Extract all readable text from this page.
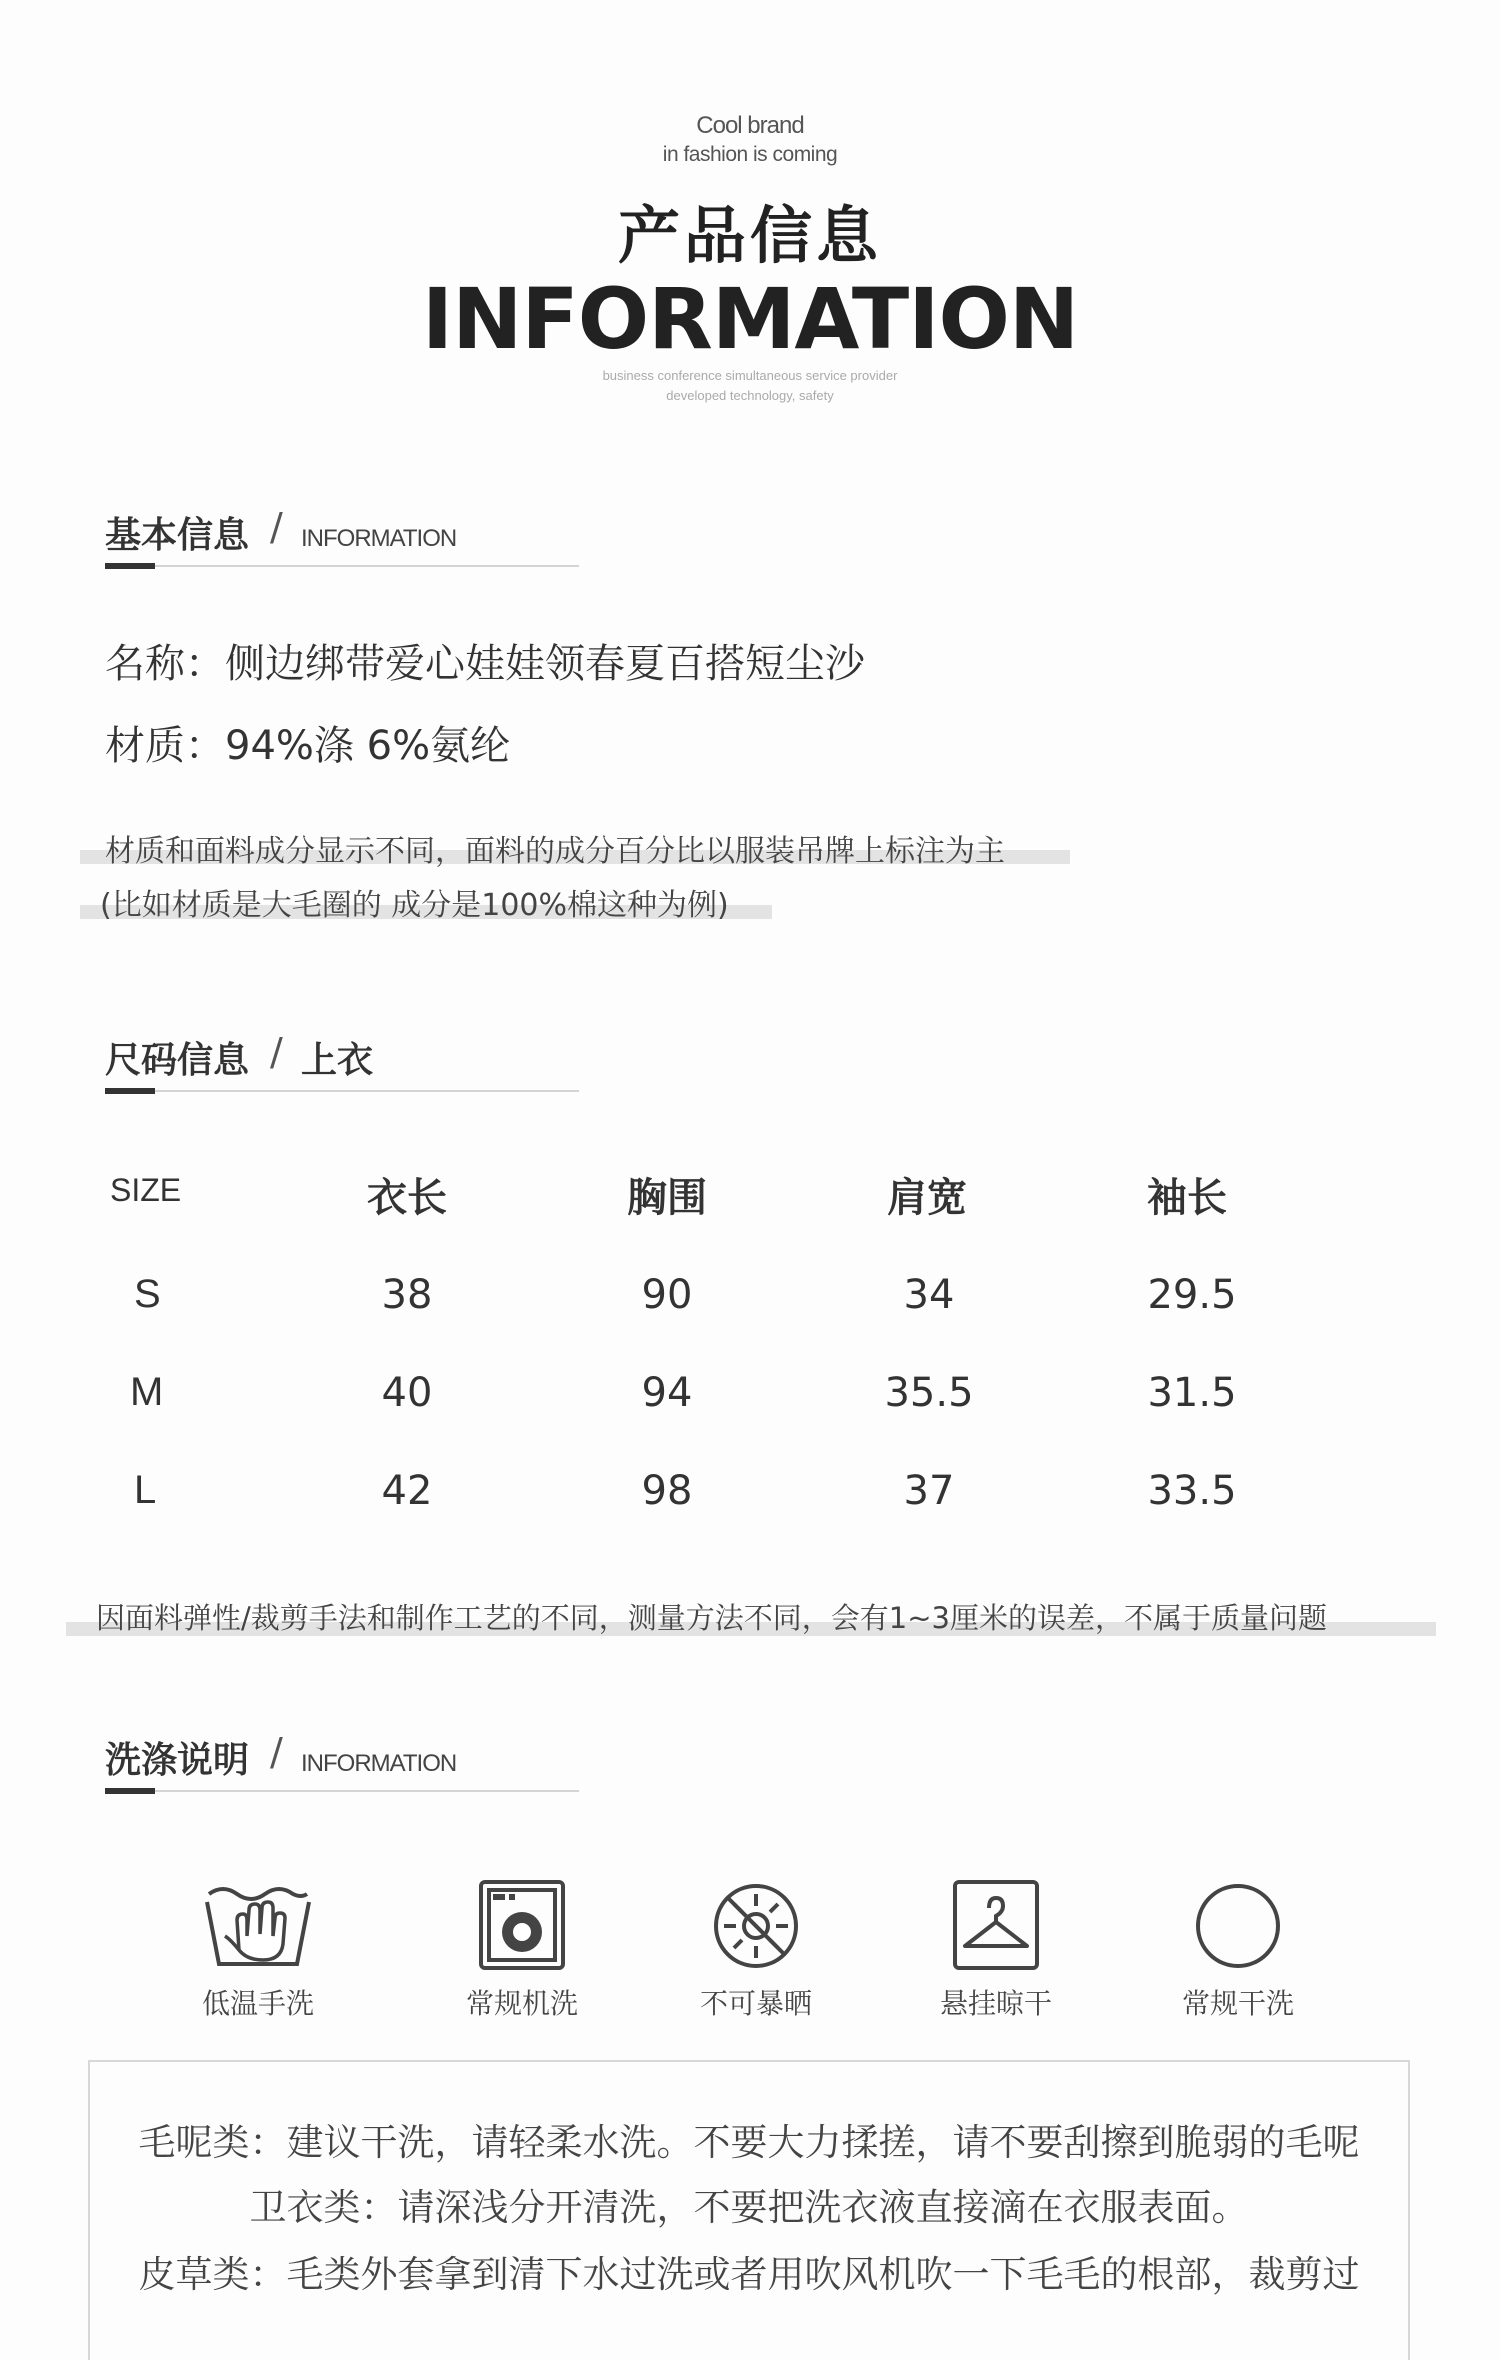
Cool brand
in fashion is coming
产品信息
INFORMATION
business conference simultaneous service provider
developed technology, safety
基本信息 / INFORMATION
名称：侧边绑带爱心娃娃领春夏百搭短尘沙
材质：94%涤 6%氨纶
材质和面料成分显示不同，面料的成分百分比以服装吊牌上标注为主
(比如材质是大毛圈的 成分是100%棉这种为例)
尺码信息 / 上衣
SIZE	衣长	胸围	肩宽	袖长
S	38	90	34	29.5
M	40	94	35.5	31.5
L	42	98	37	33.5
因面料弹性/裁剪手法和制作工艺的不同，测量方法不同，会有1~3厘米的误差，不属于质量问题
洗涤说明 / INFORMATION
低温手洗	常规机洗	不可暴晒	悬挂晾干	常规干洗
毛呢类：建议干洗，请轻柔水洗。不要大力揉搓，请不要刮擦到脆弱的毛呢
卫衣类：请深浅分开清洗，不要把洗衣液直接滴在衣服表面。
皮草类：毛类外套拿到清下水过洗或者用吹风机吹一下毛毛的根部，裁剪过
